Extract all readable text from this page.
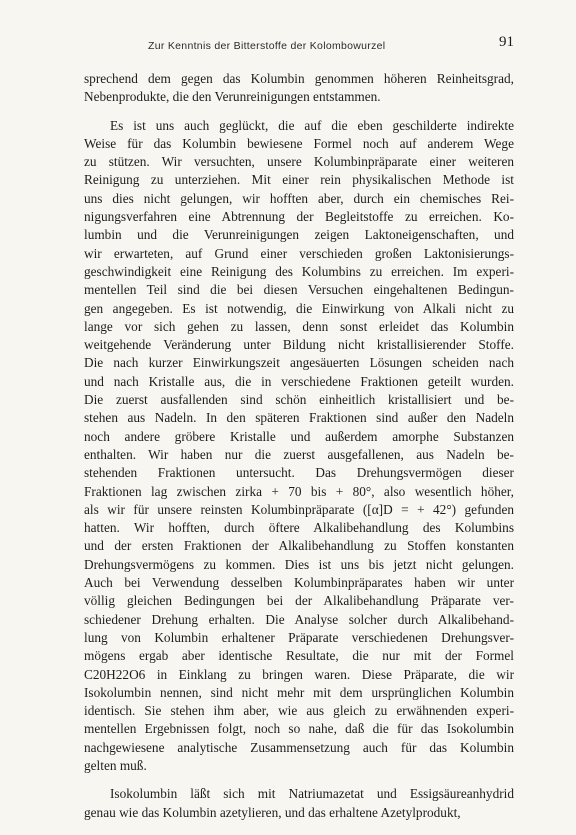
Zur Kenntnis der Bitterstoffe der Kolombowurzel	91
sprechend dem gegen das Kolumbin genommen höheren Reinheitsgrad,
Nebenprodukte, die den Verunreinigungen entstammen.
Es ist uns auch geglückt, die auf die eben geschilderte indirekte
Weise für das Kolumbin bewiesene Formel noch auf anderem Wege
zu stützen. Wir versuchten, unsere Kolumbinpräparate einer weiteren
Reinigung zu unterziehen. Mit einer rein physikalischen Methode ist
uns dies nicht gelungen, wir hofften aber, durch ein chemisches Rei-
nigungsverfahren eine Abtrennung der Begleitstoffe zu erreichen. Ko-
lumbin und die Verunreinigungen zeigen Laktoneigenschaften, und
wir erwarteten, auf Grund einer verschieden großen Laktonisierungs-
geschwindigkeit eine Reinigung des Kolumbins zu erreichen. Im experi-
mentellen Teil sind die bei diesen Versuchen eingehaltenen Bedingun-
gen angegeben. Es ist notwendig, die Einwirkung von Alkali nicht zu
lange vor sich gehen zu lassen, denn sonst erleidet das Kolumbin
weitgehende Veränderung unter Bildung nicht kristallisierender Stoffe.
Die nach kurzer Einwirkungszeit angesäuerten Lösungen scheiden nach
und nach Kristalle aus, die in verschiedene Fraktionen geteilt wurden.
Die zuerst ausfallenden sind schön einheitlich kristallisiert und be-
stehen aus Nadeln. In den späteren Fraktionen sind außer den Nadeln
noch andere gröbere Kristalle und außerdem amorphe Substanzen
enthalten. Wir haben nur die zuerst ausgefallenen, aus Nadeln be-
stehenden Fraktionen untersucht. Das Drehungsvermögen dieser
Fraktionen lag zwischen zirka + 70 bis + 80°, also wesentlich höher,
als wir für unsere reinsten Kolumbinpräparate ([α]D = + 42°) gefunden
hatten. Wir hofften, durch öftere Alkalibehandlung des Kolumbins
und der ersten Fraktionen der Alkalibehandlung zu Stoffen konstanten
Drehungsvermögens zu kommen. Dies ist uns bis jetzt nicht gelungen.
Auch bei Verwendung desselben Kolumbinpräparates haben wir unter
völlig gleichen Bedingungen bei der Alkalibehandlung Präparate ver-
schiedener Drehung erhalten. Die Analyse solcher durch Alkalibehand-
lung von Kolumbin erhaltener Präparate verschiedenen Drehungsver-
mögens ergab aber identische Resultate, die nur mit der Formel
C20H22O6 in Einklang zu bringen waren. Diese Präparate, die wir
Isokolumbin nennen, sind nicht mehr mit dem ursprünglichen Kolumbin
identisch. Sie stehen ihm aber, wie aus gleich zu erwähnenden experi-
mentellen Ergebnissen folgt, noch so nahe, daß die für das Isokolumbin
nachgewiesene analytische Zusammensetzung auch für das Kolumbin
gelten muß.
Isokolumbin läßt sich mit Natriumazetat und Essigsäureanhydrid
genau wie das Kolumbin azetylieren, und das erhaltene Azetylprodukt,
